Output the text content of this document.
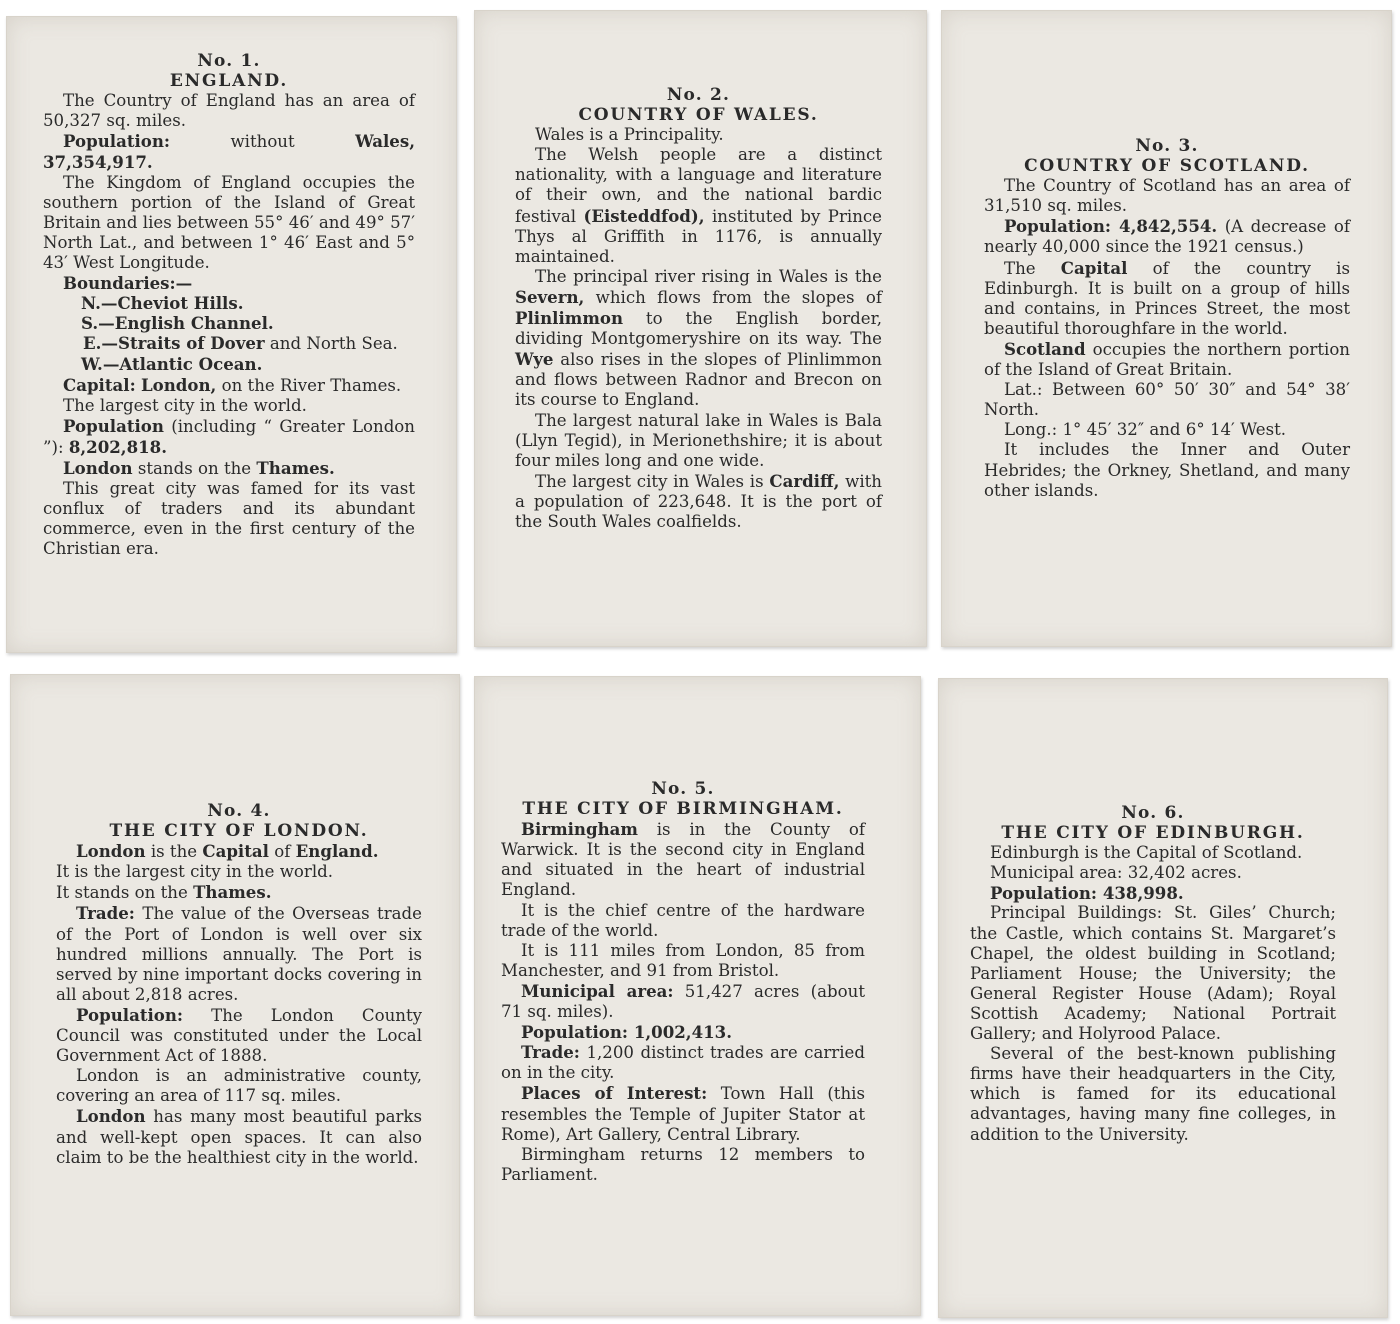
No. 1.

ENGLAND.

The Country of England has an area of 50,327 sq. miles.

Population:	without	Wales,

37,354,917.

The Kingdom of England occupies the southern portion of the Island of Great Britain and lies between 55° 46′ and 49° 57′ North Lat., and between 1° 46′ East and 5° 43′ West Longitude.

Boundaries:—

N.—Cheviot Hills.

S.—English Channel.

E.—Straits of Dover and North Sea.

W.—Atlantic Ocean.

Capital: London, on the River Thames.

The largest city in the world.

Population (including “ Greater London ”): 8,202,818.

London stands on the Thames.

This great city was famed for its vast conflux of traders and its abundant commerce, even in the first century of the Christian era.

No. 2.

COUNTRY OF WALES.

Wales is a Principality.

The Welsh people are a distinct nationality, with a language and literature of their own, and the national bardic festival (Eisteddfod), instituted by Prince Thys al Griffith in 1176, is annually maintained.

The principal river rising in Wales is the Severn, which flows from the slopes of Plinlimmon to the English border, dividing Montgomeryshire on its way. The Wye also rises in the slopes of Plinlimmon and flows between Radnor and Brecon on its course to England.

The largest natural lake in Wales is Bala (Llyn Tegid), in Merionethshire; it is about four miles long and one wide.

The largest city in Wales is Cardiff, with a population of 223,648. It is the port of the South Wales coalfields.

No. 3.

COUNTRY OF SCOTLAND.

The Country of Scotland has an area of 31,510 sq. miles.

Population: 4,842,554. (A decrease of nearly 40,000 since the 1921 census.)

The Capital of the country is Edinburgh. It is built on a group of hills and contains, in Princes Street, the most beautiful thoroughfare in the world.

Scotland occupies the northern portion of the Island of Great Britain.

Lat.: Between 60° 50′ 30″ and 54° 38′ North.

Long.: 1° 45′ 32″ and 6° 14′ West.

It includes the Inner and Outer Hebrides; the Orkney, Shetland, and many other islands.

No. 4.

THE CITY OF LONDON.

London is the Capital of England.

It is the largest city in the world.

It stands on the Thames.

Trade: The value of the Overseas trade of the Port of London is well over six hundred millions annually. The Port is served by nine important docks covering in all about 2,818 acres.

Population: The London County Council was constituted under the Local Government Act of 1888.

London is an administrative county, covering an area of 117 sq. miles.

London has many most beautiful parks and well-kept open spaces. It can also claim to be the healthiest city in the world.

No. 5.

THE CITY OF BIRMINGHAM.

Birmingham is in the County of Warwick. It is the second city in England and situated in the heart of industrial England.

It is the chief centre of the hardware trade of the world.

It is 111 miles from London, 85 from Manchester, and 91 from Bristol.

Municipal area: 51,427 acres (about 71 sq. miles).

Population: 1,002,413.

Trade: 1,200 distinct trades are carried on in the city.

Places of Interest: Town Hall (this resembles the Temple of Jupiter Stator at Rome), Art Gallery, Central Library.

Birmingham returns 12 members to Parliament.

No. 6.

THE CITY OF EDINBURGH.

Edinburgh is the Capital of Scotland.

Municipal area: 32,402 acres.

Population: 438,998.

Principal Buildings: St. Giles’ Church; the Castle, which contains St. Margaret’s Chapel, the oldest building in Scotland; Parliament House; the University; the General Register House (Adam); Royal Scottish Academy; National Portrait Gallery; and Holyrood Palace.

Several of the best-known publishing firms have their headquarters in the City, which is famed for its educational advantages, having many fine colleges, in addition to the University.
